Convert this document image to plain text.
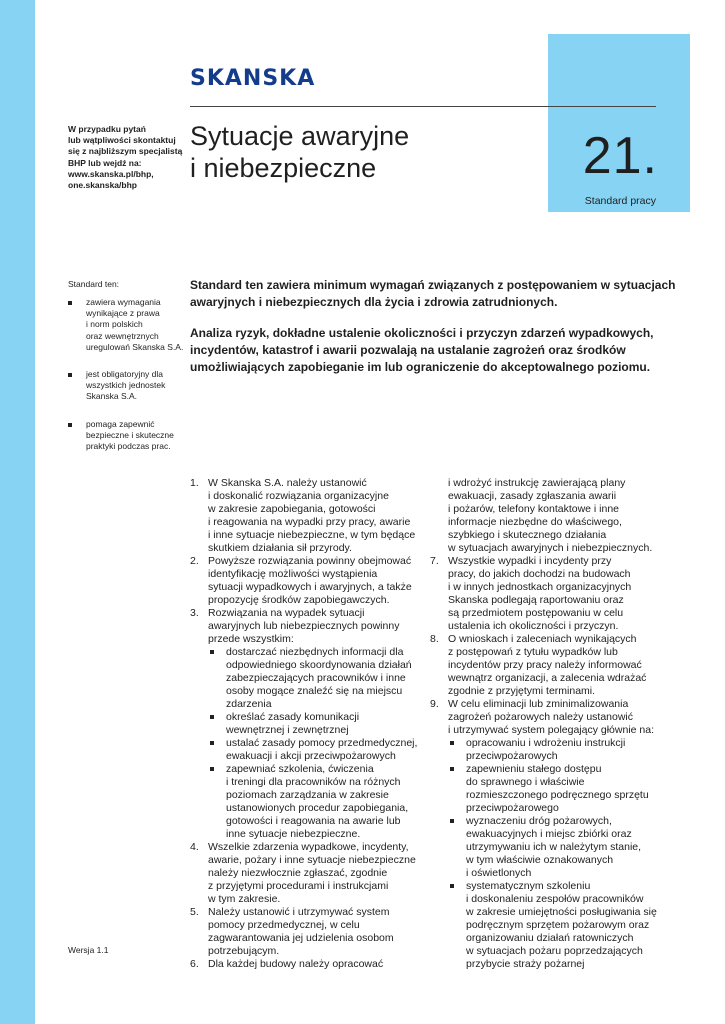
21.
Standard pracy
SKANSKA
W przypadku pytań
lub wątpliwości skontaktuj
się z najbliższym specjalistą
BHP lub wejdź na:
www.skanska.pl/bhp,
one.skanska/bhp
Sytuacje awaryjne
i niebezpieczne
Standard ten:
zawiera wymagania
wynikające z prawa
i norm polskich
oraz wewnętrznych
uregulowań Skanska S.A.
jest obligatoryjny dla
wszystkich jednostek
Skanska S.A.
pomaga zapewnić
bezpieczne i skuteczne
praktyki podczas prac.

Standard ten zawiera minimum wymagań związanych z postępowaniem w sytuacjach
awaryjnych i niebezpiecznych dla życia i zdrowia zatrudnionych.

Analiza ryzyk, dokładne ustalenie okoliczności i przyczyn zdarzeń wypadkowych,
incydentów, katastrof i awarii pozwalają na ustalanie zagrożeń oraz środków
umożliwiających zapobieganie im lub ograniczenie do akceptowalnego poziomu.

1. W Skanska S.A. należy ustanowić
i doskonalić rozwiązania organizacyjne
w zakresie zapobiegania, gotowości
i reagowania na wypadki przy pracy, awarie
i inne sytuacje niebezpieczne, w tym będące
skutkiem działania sił przyrody.
2. Powyższe rozwiązania powinny obejmować
identyfikację możliwości wystąpienia
sytuacji wypadkowych i awaryjnych, a także
propozycję środków zapobiegawczych.
3. Rozwiązania na wypadek sytuacji
awaryjnych lub niebezpiecznych powinny
przede wszystkim:
dostarczać niezbędnych informacji dla
odpowiedniego skoordynowania działań
zabezpieczających pracowników i inne
osoby mogące znaleźć się na miejscu
zdarzenia
określać zasady komunikacji
wewnętrznej i zewnętrznej
ustalać zasady pomocy przedmedycznej,
ewakuacji i akcji przeciwpożarowych
zapewniać szkolenia, ćwiczenia
i treningi dla pracowników na różnych
poziomach zarządzania w zakresie
ustanowionych procedur zapobiegania,
gotowości i reagowania na awarie lub
inne sytuacje niebezpieczne.
4. Wszelkie zdarzenia wypadkowe, incydenty,
awarie, pożary i inne sytuacje niebezpieczne
należy niezwłocznie zgłaszać, zgodnie
z przyjętymi procedurami i instrukcjami
w tym zakresie.
5. Należy ustanowić i utrzymywać system
pomocy przedmedycznej, w celu
zagwarantowania jej udzielenia osobom
potrzebującym.
6. Dla każdej budowy należy opracować
i wdrożyć instrukcję zawierającą plany
ewakuacji, zasady zgłaszania awarii
i pożarów, telefony kontaktowe i inne
informacje niezbędne do właściwego,
szybkiego i skutecznego działania
w sytuacjach awaryjnych i niebezpiecznych.
7. Wszystkie wypadki i incydenty przy
pracy, do jakich dochodzi na budowach
i w innych jednostkach organizacyjnych
Skanska podlegają raportowaniu oraz
są przedmiotem postępowaniu w celu
ustalenia ich okoliczności i przyczyn.
8. O wnioskach i zaleceniach wynikających
z postępowań z tytułu wypadków lub
incydentów przy pracy należy informować
wewnątrz organizacji, a zalecenia wdrażać
zgodnie z przyjętymi terminami.
9. W celu eliminacji lub zminimalizowania
zagrożeń pożarowych należy ustanowić
i utrzymywać system polegający głównie na:
opracowaniu i wdrożeniu instrukcji
przeciwpożarowych
zapewnieniu stałego dostępu
do sprawnego i właściwie
rozmieszczonego podręcznego sprzętu
przeciwpożarowego
wyznaczeniu dróg pożarowych,
ewakuacyjnych i miejsc zbiórki oraz
utrzymywaniu ich w należytym stanie,
w tym właściwie oznakowanych
i oświetlonych
systematycznym szkoleniu
i doskonaleniu zespołów pracowników
w zakresie umiejętności posługiwania się
podręcznym sprzętem pożarowym oraz
organizowaniu działań ratowniczych
w sytuacjach pożaru poprzedzających
przybycie straży pożarnej
Wersja 1.1
